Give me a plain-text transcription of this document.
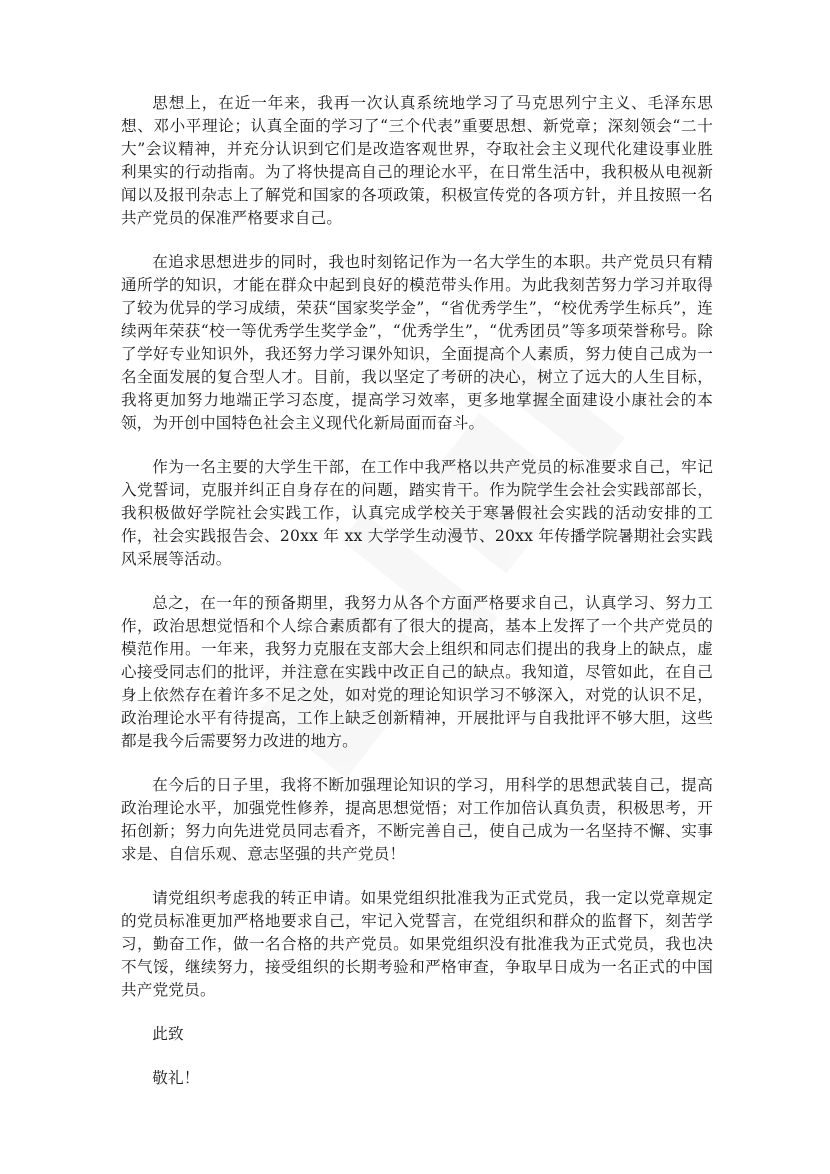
思想上，在近一年来，我再一次认真系统地学习了马克思列宁主义、毛泽东思想、邓小平理论；认真全面的学习了“三个代表”重要思想、新党章；深刻领会“二十大”会议精神，并充分认识到它们是改造客观世界，夺取社会主义现代化建设事业胜利果实的行动指南。为了将快提高自己的理论水平，在日常生活中，我积极从电视新闻以及报刊杂志上了解党和国家的各项政策，积极宣传党的各项方针，并且按照一名共产党员的保准严格要求自己。

在追求思想进步的同时，我也时刻铭记作为一名大学生的本职。共产党员只有精通所学的知识，才能在群众中起到良好的模范带头作用。为此我刻苦努力学习并取得了较为优异的学习成绩，荣获“国家奖学金”，“省优秀学生”，“校优秀学生标兵”，连续两年荣获“校一等优秀学生奖学金”，“优秀学生”，“优秀团员”等多项荣誉称号。除了学好专业知识外，我还努力学习课外知识，全面提高个人素质，努力使自己成为一名全面发展的复合型人才。目前，我以坚定了考研的决心，树立了远大的人生目标，我将更加努力地端正学习态度，提高学习效率，更多地掌握全面建设小康社会的本领，为开创中国特色社会主义现代化新局面而奋斗。

作为一名主要的大学生干部，在工作中我严格以共产党员的标准要求自己，牢记入党誓词，克服并纠正自身存在的问题，踏实肯干。作为院学生会社会实践部部长，我积极做好学院社会实践工作，认真完成学校关于寒暑假社会实践的活动安排的工作，社会实践报告会、20xx 年 xx 大学学生动漫节、20xx 年传播学院暑期社会实践风采展等活动。

总之，在一年的预备期里，我努力从各个方面严格要求自己，认真学习、努力工作，政治思想觉悟和个人综合素质都有了很大的提高，基本上发挥了一个共产党员的模范作用。一年来，我努力克服在支部大会上组织和同志们提出的我身上的缺点，虚心接受同志们的批评，并注意在实践中改正自己的缺点。我知道，尽管如此，在自己身上依然存在着许多不足之处，如对党的理论知识学习不够深入，对党的认识不足，政治理论水平有待提高，工作上缺乏创新精神，开展批评与自我批评不够大胆，这些都是我今后需要努力改进的地方。

在今后的日子里，我将不断加强理论知识的学习，用科学的思想武装自己，提高政治理论水平，加强党性修养，提高思想觉悟；对工作加倍认真负责，积极思考，开拓创新；努力向先进党员同志看齐，不断完善自己，使自己成为一名坚持不懈、实事求是、自信乐观、意志坚强的共产党员！

请党组织考虑我的转正申请。如果党组织批准我为正式党员，我一定以党章规定的党员标准更加严格地要求自己，牢记入党誓言，在党组织和群众的监督下，刻苦学习，勤奋工作，做一名合格的共产党员。如果党组织没有批准我为正式党员，我也决不气馁，继续努力，接受组织的长期考验和严格审查，争取早日成为一名正式的中国共产党党员。

此致

敬礼！
